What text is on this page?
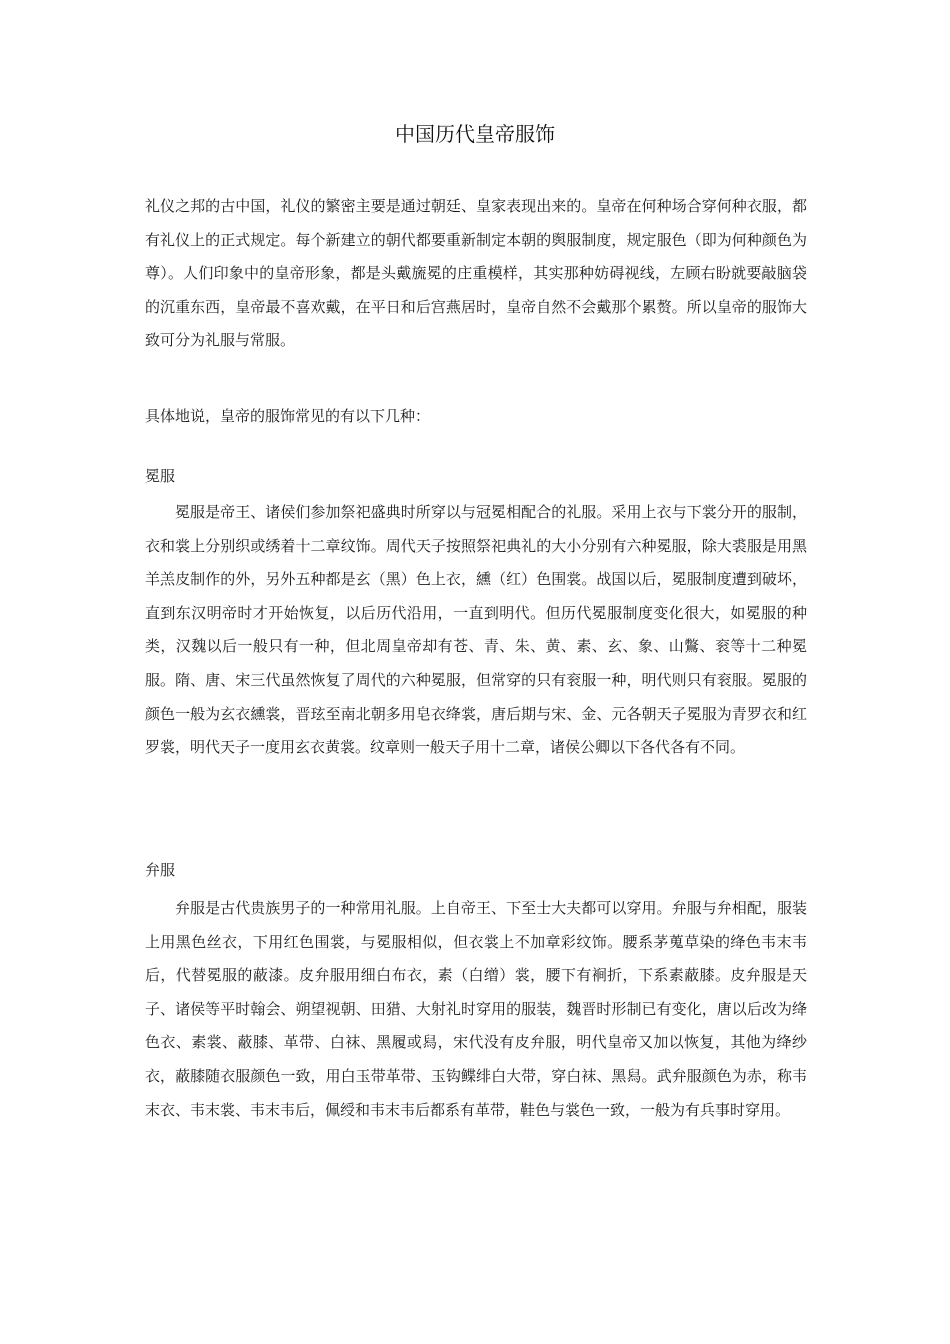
中国历代皇帝服饰

礼仪之邦的古中国，礼仪的繁密主要是通过朝廷、皇家表现出来的。皇帝在何种场合穿何种衣服，都有礼仪上的正式规定。每个新建立的朝代都要重新制定本朝的舆服制度，规定服色（即为何种颜色为尊）。人们印象中的皇帝形象，都是头戴旒冕的庄重模样，其实那种妨碍视线，左顾右盼就要敲脑袋的沉重东西，皇帝最不喜欢戴，在平日和后宫燕居时，皇帝自然不会戴那个累赘。所以皇帝的服饰大致可分为礼服与常服。

具体地说，皇帝的服饰常见的有以下几种：

冕服

冕服是帝王、诸侯们参加祭祀盛典时所穿以与冠冕相配合的礼服。采用上衣与下裳分开的服制，衣和裳上分别织或绣着十二章纹饰。周代天子按照祭祀典礼的大小分别有六种冕服，除大裘服是用黑羊羔皮制作的外，另外五种都是玄（黑）色上衣，纁（红）色围裳。战国以后，冕服制度遭到破坏，直到东汉明帝时才开始恢复，以后历代沿用，一直到明代。但历代冕服制度变化很大，如冕服的种类，汉魏以后一般只有一种，但北周皇帝却有苍、青、朱、黄、素、玄、象、山鷩、衮等十二种冕服。隋、唐、宋三代虽然恢复了周代的六种冕服，但常穿的只有衮服一种，明代则只有衮服。冕服的颜色一般为玄衣纁裳，晋玹至南北朝多用皂衣绛裳，唐后期与宋、金、元各朝天子冕服为青罗衣和红罗裳，明代天子一度用玄衣黄裳。纹章则一般天子用十二章，诸侯公卿以下各代各有不同。

弁服

弁服是古代贵族男子的一种常用礼服。上自帝王、下至士大夫都可以穿用。弁服与弁相配，服装上用黑色丝衣，下用红色围裳，与冕服相似，但衣裳上不加章彩纹饰。腰系茅蒐草染的绛色韦末韦后，代替冕服的蔽漆。皮弁服用细白布衣，素（白缯）裳，腰下有裥折，下系素蔽膝。皮弁服是天子、诸侯等平时翰会、朔望视朝、田猎、大射礼时穿用的服装，魏晋时形制已有变化，唐以后改为绛色衣、素裳、蔽膝、革带、白袜、黑履或舄，宋代没有皮弁服，明代皇帝又加以恢复，其他为绛纱衣，蔽膝随衣服颜色一致，用白玉带革带、玉钩鲽绯白大带，穿白袜、黑舄。武弁服颜色为赤，称韦末衣、韦末裳、韦末韦后，佩绶和韦末韦后都系有革带，鞋色与裳色一致，一般为有兵事时穿用。
